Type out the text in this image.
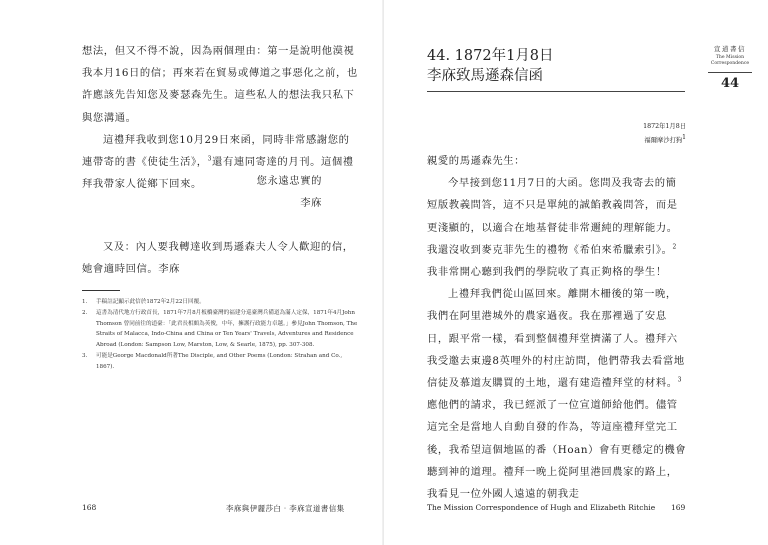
想法，但又不得不說，因為兩個理由：第一是說明他漠視我本月16日的信；再來若在貿易或傳道之事惡化之前，也許應該先告知您及麥瑟森先生。這些私人的想法我只私下與您溝通。

這禮拜我收到您10月29日來函，同時非常感謝您的連帶寄的書《使徒生活》，$^3$還有連同寄達的月刊。這個禮拜我帶家人從鄉下回來。	您永遠忠實的
李庥

又及：內人要我轉達收到馬遜森夫人令人歡迎的信，她會適時回信。李庥

1.	手稿註記顯示此信於1872年2月22日回覆。
2.	這書為清代地方行政首長，1871年7月8月板橋臺灣的福建分巡臺灣兵備道為滿人定保，1871年4月John Thomson 曾同前往的道臺：「此君長相頗為英俊，中年，擁護行政能力卓越。」參見John Thomson, The Straits of Malacca, Indo-China and China or Ten Years' Travels, Adventures and Residence Abroad (London: Sampson Low, Marston, Low, & Searle, 1875), pp. 307-308.
3.	可能是George Macdonald所著The Disciple, and Other Poems (London: Strahan and Co., 1867).
168	李庥與伊麗莎白‧李庥宣道書信集
44. 1872年1月8日
李庥致馬遜森信函
宣道書信
The Mission
Correspondence
44
1872年1月8日
福爾摩沙打狗1

親愛的馬遜森先生：

今早接到您11月7日的大函。您問及我寄去的簡短版教義問答，這不只是單純的誠餡教義問答，而是更淺顯的，以適合在地基督徒非常邇純的理解能力。我還沒收到麥克菲先生的禮物《希伯來希臘索引》。$^2$我非常開心聽到我們的學院收了真正夠格的學生！

上禮拜我們從山區回來。離開木柵後的第一晚，我們在阿里港城外的農家過夜。我在那裡過了安息日，跟平常一樣，看到整個禮拜堂擠滿了人。禮拜六我受邀去東邊8英哩外的村庄訪問，他們帶我去看當地信徒及慕道友購買的土地，還有建造禮拜堂的材料。$^3$應他們的請求，我已經派了一位宣道師給他們。儘管這完全是當地人自動自發的作為，等這座禮拜堂完工後，我希望這個地區的番（Hoan）會有更穩定的機會聽到神的道理。禮拜一晚上從阿里港回農家的路上，我看見一位外國人遠遠的朝我走

The Mission Correspondence of Hugh and Elizabeth Ritchie 169
